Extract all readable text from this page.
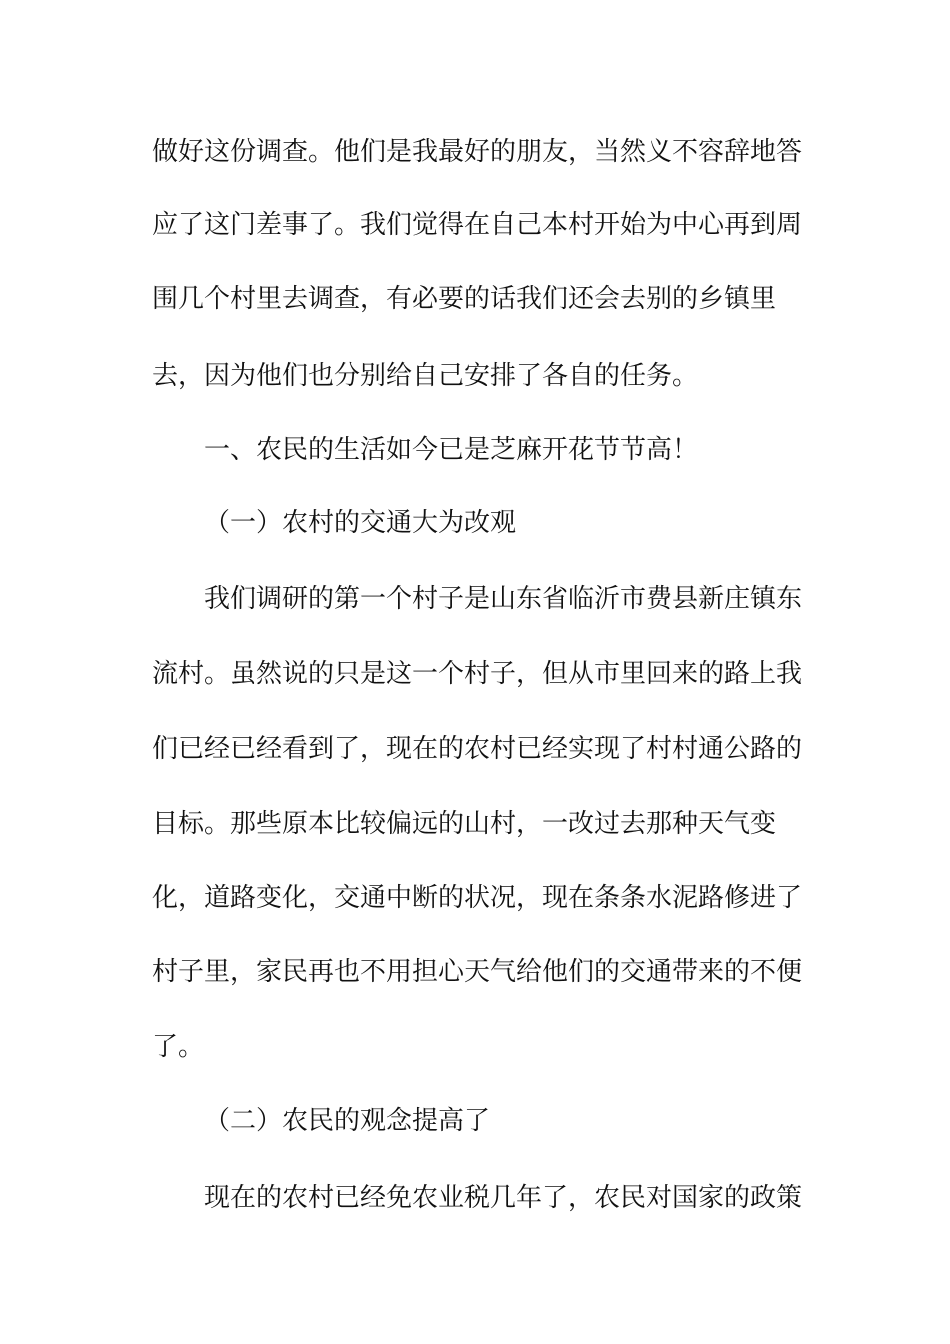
做好这份调查。他们是我最好的朋友，当然义不容辞地答

应了这门差事了。我们觉得在自己本村开始为中心再到周

围几个村里去调查，有必要的话我们还会去别的乡镇里

去，因为他们也分别给自己安排了各自的任务。

一、农民的生活如今已是芝麻开花节节高！

（一）农村的交通大为改观

我们调研的第一个村子是山东省临沂市费县新庄镇东

流村。虽然说的只是这一个村子，但从市里回来的路上我

们已经已经看到了，现在的农村已经实现了村村通公路的

目标。那些原本比较偏远的山村，一改过去那种天气变

化，道路变化，交通中断的状况，现在条条水泥路修进了

村子里，家民再也不用担心天气给他们的交通带来的不便

了。

（二）农民的观念提高了

现在的农村已经免农业税几年了，农民对国家的政策
